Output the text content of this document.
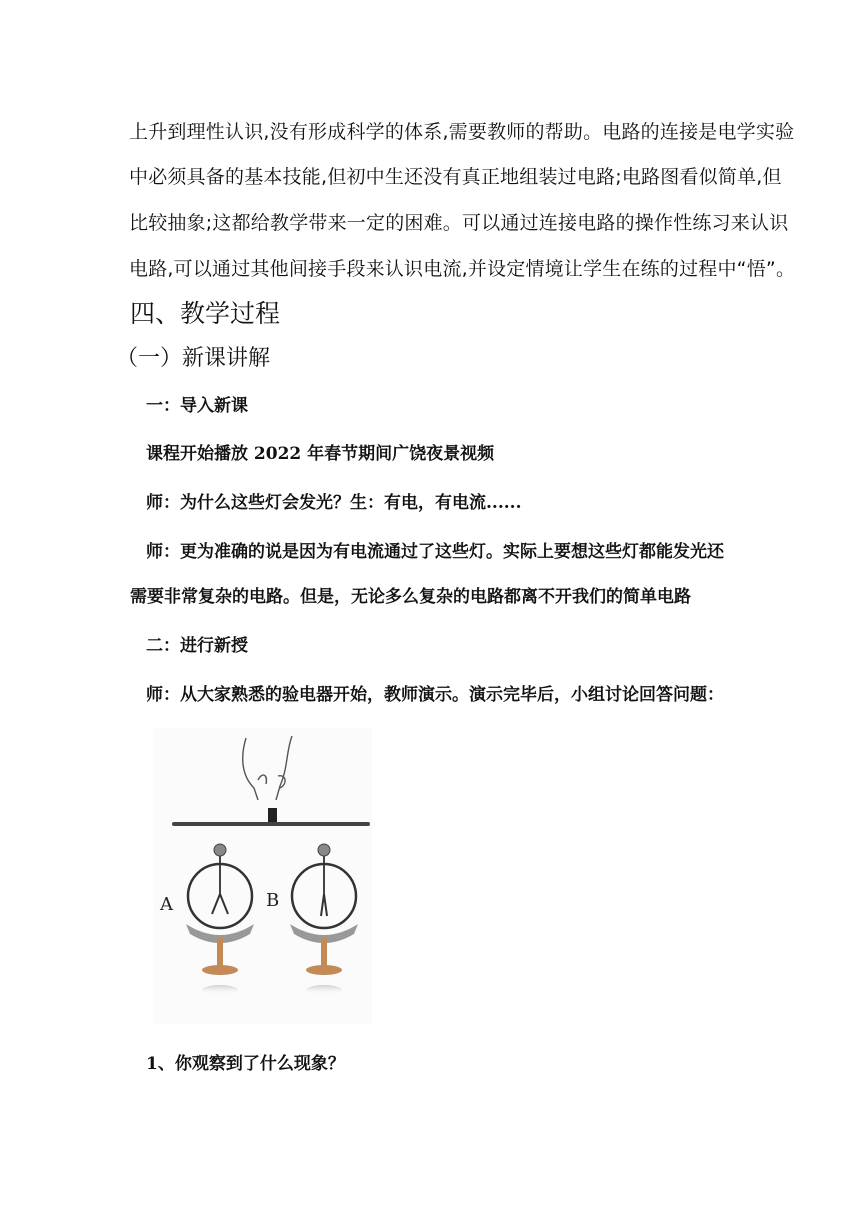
上升到理性认识,没有形成科学的体系,需要教师的帮助。电路的连接是电学实验
中必须具备的基本技能,但初中生还没有真正地组装过电路;电路图看似简单,但
比较抽象;这都给教学带来一定的困难。可以通过连接电路的操作性练习来认识
电路,可以通过其他间接手段来认识电流,并设定情境让学生在练的过程中“悟”。
四、教学过程
（一）新课讲解
一：导入新课
课程开始播放 2022 年春节期间广饶夜景视频
师：为什么这些灯会发光？生：有电，有电流......
师：更为准确的说是因为有电流通过了这些灯。实际上要想这些灯都能发光还
需要非常复杂的电路。但是，无论多么复杂的电路都离不开我们的简单电路
二：进行新授
师：从大家熟悉的验电器开始，教师演示。演示完毕后，小组讨论回答问题：
A	B
1、你观察到了什么现象？
